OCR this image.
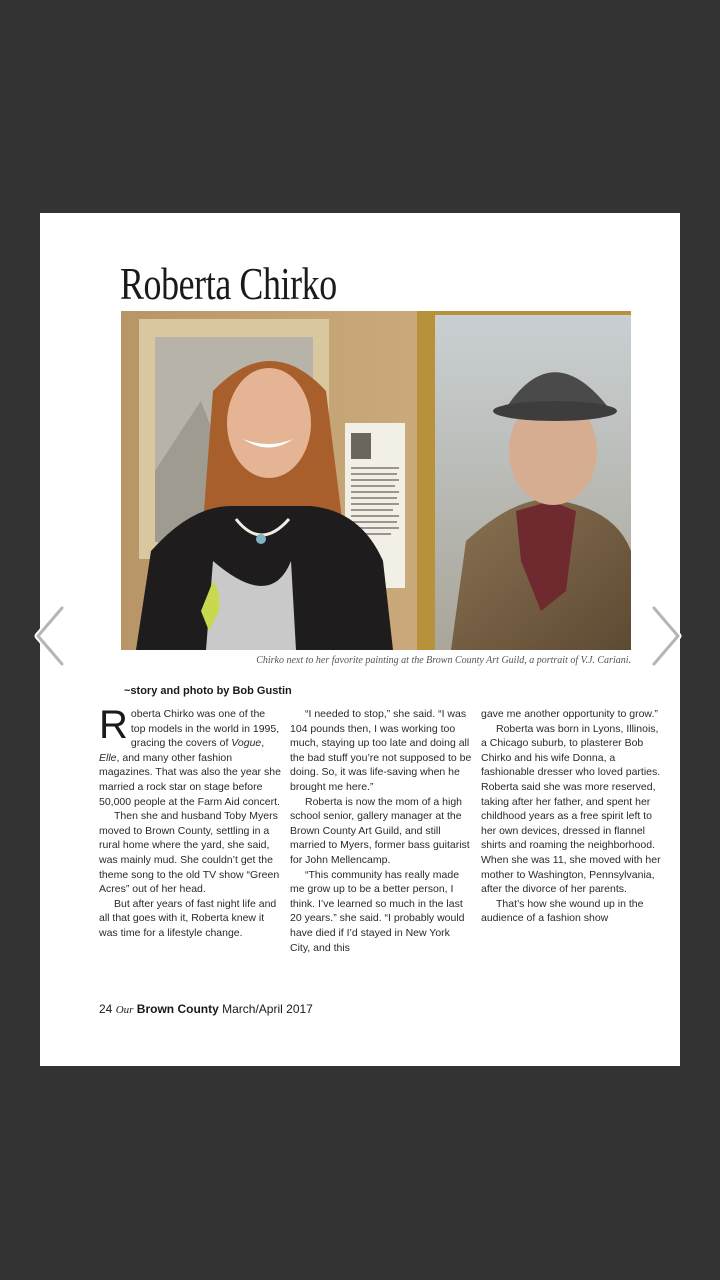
Roberta Chirko
Chirko next to her favorite painting at the Brown County Art Guild, a portrait of V.J. Cariani.
~story and photo by Bob Gustin

Roberta Chirko was one of the top models in the world in 1995, gracing the covers of Vogue, Elle, and many other fashion magazines. That was also the year she married a rock star on stage before 50,000 people at the Farm Aid concert.

Then she and husband Toby Myers moved to Brown County, settling in a rural home where the yard, she said, was mainly mud. She couldn’t get the theme song to the old TV show “Green Acres” out of her head.

But after years of fast night life and all that goes with it, Roberta knew it was time for a lifestyle change.

“I needed to stop,” she said. “I was 104 pounds then, I was working too much, staying up too late and doing all the bad stuff you’re not supposed to be doing. So, it was life-saving when he brought me here.”

Roberta is now the mom of a high school senior, gallery manager at the Brown County Art Guild, and still married to Myers, former bass guitarist for John Mellencamp.

“This community has really made me grow up to be a better person, I think. I’ve learned so much in the last 20 years.” she said. “I probably would have died if I’d stayed in New York City, and this

gave me another opportunity to grow.”

Roberta was born in Lyons, Illinois, a Chicago suburb, to plasterer Bob Chirko and his wife Donna, a fashionable dresser who loved parties. Roberta said she was more reserved, taking after her father, and spent her childhood years as a free spirit left to her own devices, dressed in flannel shirts and roaming the neighborhood. When she was 11, she moved with her mother to Washington, Pennsylvania, after the divorce of her parents.

That’s how she wound up in the audience of a fashion show

24 Our Brown County March/April 2017
